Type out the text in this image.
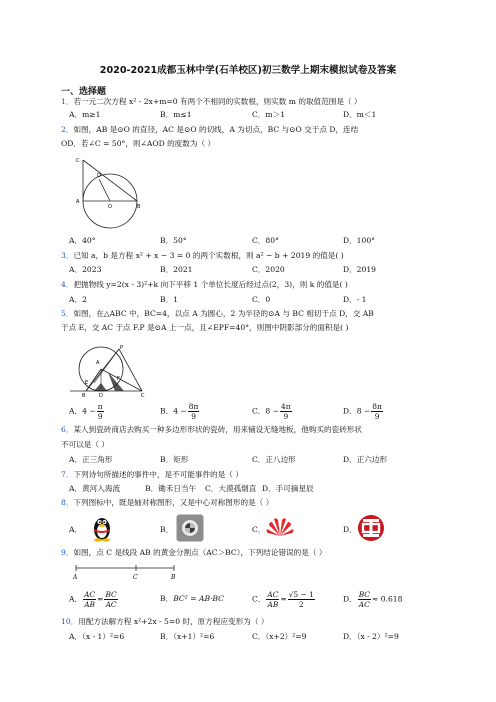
2020-2021成都玉林中学(石羊校区)初三数学上期末模拟试卷及答案
一、选择题
1．若一元二次方程 x² - 2x+m=0 有两个不相同的实数根，则实数 m 的取值范围是（ ）
A．m≥1	B．m≤1	C．m＞1	D．m＜1
2．如图，AB 是⊙O 的直径，AC 是⊙O 的切线，A 为切点，BC 与⊙O 交于点 D，连结
OD．若∠C = 50°，则∠AOD 的度数为（ ）
C
D
A
O	B
A．40°	B．50°	C．80°	D．100°
3．已知 a，b 是方程 x² + x − 3 = 0 的两个实数根，则 a² − b + 2019 的值是( )
A．2023	B．2021	C．2020	D．2019
4．把抛物线 y=2(x - 3)²+k 向下平移 1 个单位长度后经过点(2，3)，则 k 的值是( )
A．2	B．1	C．0	D．- 1
5．如图，在△ABC 中，BC=4，以点 A 为圆心，2 为半径的⊙A 与 BC 相切于点 D，交 AB
于点 E，交 AC 于点 F.P 是⊙A 上一点，且∠EPF=40°，则图中阴影部分的面积是( )
A
P
E
F
B	D	C
A．$4 - \frac{\pi}{9}$	B．$4 - \frac{8\pi}{9}$	C．$8 - \frac{4\pi}{9}$	D．$8 - \frac{8\pi}{9}$
6．某人到瓷砖商店去购买一种多边形形状的瓷砖，用来铺设无缝地板，他购买的瓷砖形状
不可以是（ ）
A．正三角形	B．矩形	C．正八边形	D．正六边形
7．下列诗句所描述的事件中，是不可能事件的是（ ）
A．黄河入海流	B．锄禾日当午 C．大漠孤烟直 D．手可摘星辰
8．下列图标中，既是轴对称图形，又是中心对称图形的是（ ）
A．	B．	C．	D．
9．如图，点 C 是线段 AB 的黄金分割点（AC＞BC），下列结论错误的是（ ）
A	C	B
A． $\frac{AC}{AB} = \frac{BC}{AC}$	B．BC² = AB·BC	C． $\frac{AC}{AB} = \frac{√5 - 1}{2}$	D． $\frac{BC}{AC} \approx 0.618$
10．用配方法解方程 x²+2x - 5=0 时，原方程应变形为（ ）
A．（x - 1）²=6	B．（x+1）²=6	C．（x+2）²=9	D．（x - 2）²=9
